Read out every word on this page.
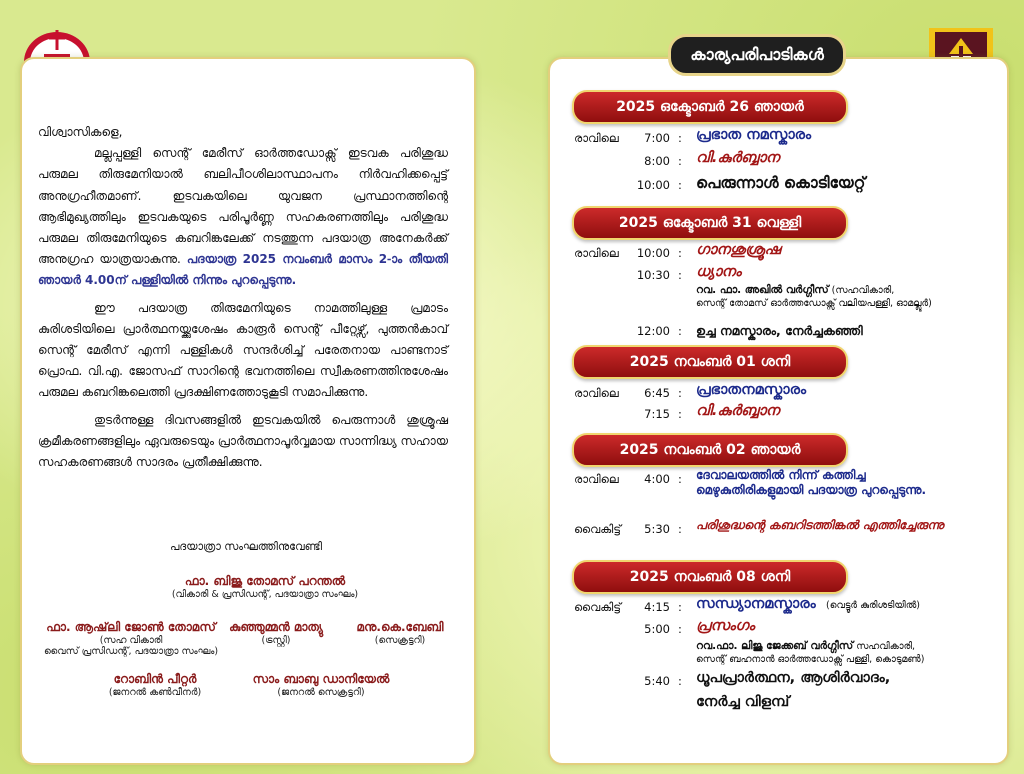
വിശ്വാസികളെ,

മല്ലപ്പള്ളി സെന്റ് മേരീസ് ഓർത്തഡോക്സ് ഇടവക പരിശുദ്ധ പരുമല തിരുമേനിയാൽ ബലിപീഠശിലാസ്ഥാപനം നിർവഹിക്കപ്പെട്ട് അനുഗ്രഹീതമാണ്. ഇടവകയിലെ യുവജന പ്രസ്ഥാനത്തിന്റെ ആഭിമുഖ്യത്തിലും ഇടവകയുടെ പരിപൂർണ്ണ സഹകരണത്തിലും പരിശുദ്ധ പരുമല തിരുമേനിയുടെ കബറിങ്കലേക്ക് നടത്തുന്ന പദയാത്ര അനേകർക്ക് അനുഗ്രഹ യാത്രയാകുന്നു. പദയാത്ര 2025 നവംബർ മാസം 2-ാം തീയതി ഞായർ 4.00ന് പള്ളിയിൽ നിന്നും പുറപ്പെടുന്നു.

ഈ പദയാത്ര തിരുമേനിയുടെ നാമത്തിലുള്ള പ്രമാടം കുരിശടിയിലെ പ്രാർത്ഥനയ്ക്കുശേഷം കാരൂർ സെന്റ് പീറ്റേഴ്സ്, പുത്തൻകാവ് സെന്റ് മേരീസ് എന്നി പള്ളികൾ സന്ദർശിച്ച് പരേതനായ പാണ്ടനാട് പ്രൊഫ. വി.എ. ജോസഫ് സാറിന്റെ ഭവനത്തിലെ സ്വീകരണത്തിനുശേഷം പരുമല കബറിങ്കലെത്തി പ്രദക്ഷിണത്തോടുകൂടി സമാപിക്കുന്നു.

തുടർന്നുള്ള ദിവസങ്ങളിൽ ഇടവകയിൽ പെരുന്നാൾ ശുശ്രൂഷ ക്രമീകരണങ്ങളിലും ഏവരുടെയും പ്രാർത്ഥനാപൂർവ്വമായ സാന്നിദ്ധ്യ സഹായ സഹകരണങ്ങൾ സാദരം പ്രതീക്ഷിക്കുന്നു.

പദയാത്രാ സംഘത്തിനുവേണ്ടി
ഫാ. ബിജു തോമസ് പറന്തൽ
(വികാരി & പ്രസിഡന്റ്, പദയാത്രാ സംഘം)
ഫാ. ആഷ്‌ലി ജോൺ തോമസ്
(സഹ വികാരി
വൈസ് പ്രസിഡന്റ്, പദയാത്രാ സംഘം)
കുഞ്ഞുമ്മൻ മാത്യു
(ട്രസ്റ്റി)
മനു.കെ.ബേബി
(സെക്രട്ടറി)
റോബിൻ പീറ്റർ
(ജനറൽ കൺവീനർ)
സാം ബാബു ഡാനിയേൽ
(ജനറൽ സെക്രട്ടറി)
കാര്യപരിപാടികൾ
2025 ഒക്ടോബർ 26 ഞായർ
രാവിലെ	7:00 : പ്രഭാത നമസ്കാരം
8:00 : വി.കുർബ്ബാന
10:00 : പെരുന്നാൾ കൊടിയേറ്റ്
2025 ഒക്ടോബർ 31 വെള്ളി
രാവിലെ 10:00 : ഗാനശുശ്രൂഷ
10:30 : ധ്യാനം
റവ. ഫാ. അഖിൽ വർഗ്ഗീസ് (സഹവികാരി,
സെന്റ് തോമസ് ഓർത്തഡോക്സ് വലിയപള്ളി, ഓമല്ലൂർ)
12:00 : ഉച്ച നമസ്കാരം, നേർച്ചകഞ്ഞി
2025 നവംബർ 01 ശനി
രാവിലെ	6:45 : പ്രഭാതനമസ്കാരം
7:15 : വി.കുർബ്ബാന
2025 നവംബർ 02 ഞായർ
രാവിലെ	4:00 : ദേവാലയത്തിൽ നിന്ന് കത്തിച്ച മെഴുകുതിരികളുമായി പദയാത്ര പുറപ്പെടുന്നു.
വൈകിട്ട്	5:30 : പരിശുദ്ധന്റെ കബറിടത്തിങ്കൽ എത്തിച്ചേരുന്നു
2025 നവംബർ 08 ശനി
വൈകിട്ട്	4:15 : സന്ധ്യാനമസ്കാരം	(വെട്ടൂർ കുരിശടിയിൽ)
5:00 : പ്രസംഗം
റവ.ഫാ. ലിജു ജേക്കബ് വർഗ്ഗീസ് സഹവികാരി,
സെന്റ് ബഹനാൻ ഓർത്തഡോക്സ് പള്ളി, കൊടുമൺ)
5:40 : ധൂപപ്രാർത്ഥന, ആശിർവാദം,
നേർച്ച വിളമ്പ്
